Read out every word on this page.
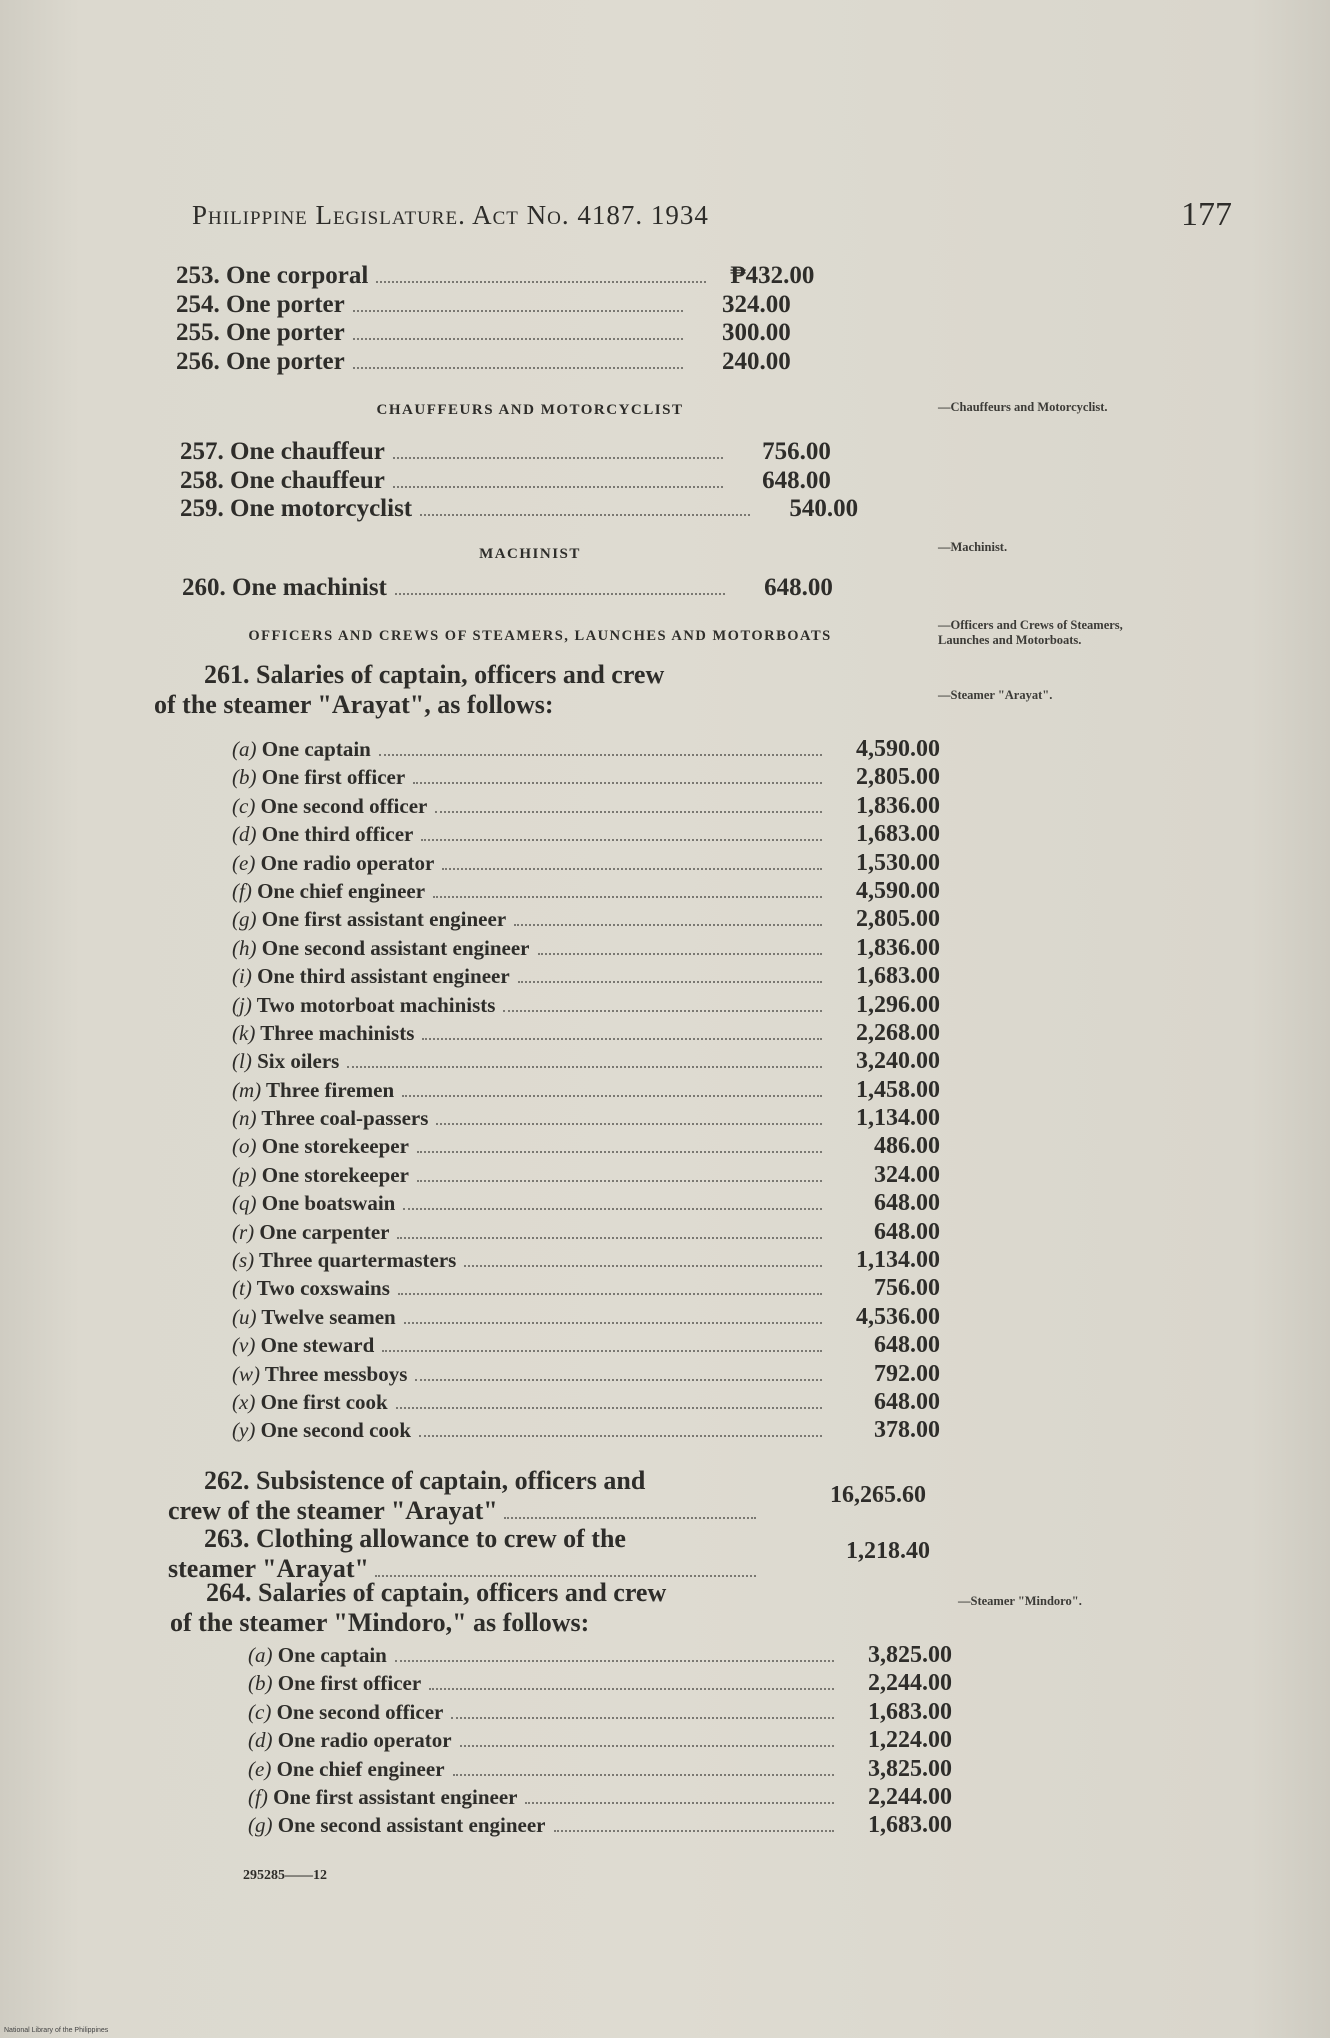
Philippine Legislature. Act No. 4187. 1934	177
253. One corporal	₱432.00
254. One porter	324.00
255. One porter	300.00
256. One porter	240.00
CHAUFFEURS AND MOTORCYCLIST	—Chauffeurs and Motorcyclist.
257. One chauffeur	756.00
258. One chauffeur	648.00
259. One motorcyclist	540.00
MACHINIST	—Machinist.
260. One machinist	648.00
OFFICERS AND CREWS OF STEAMERS, LAUNCHES AND MOTORBOATS
—Officers and Crews of Steamers, Launches and Motorboats.
—Steamer "Arayat".
261. Salaries of captain, officers and crew
of the steamer "Arayat", as follows:
(a) One captain	4,590.00
(b) One first officer	2,805.00
(c) One second officer	1,836.00
(d) One third officer	1,683.00
(e) One radio operator	1,530.00
(f) One chief engineer	4,590.00
(g) One first assistant engineer	2,805.00
(h) One second assistant engineer	1,836.00
(i) One third assistant engineer	1,683.00
(j) Two motorboat machinists	1,296.00
(k) Three machinists	2,268.00
(l) Six oilers	3,240.00
(m) Three firemen	1,458.00
(n) Three coal-passers	1,134.00
(o) One storekeeper	486.00
(p) One storekeeper	324.00
(q) One boatswain	648.00
(r) One carpenter	648.00
(s) Three quartermasters	1,134.00
(t) Two coxswains	756.00
(u) Twelve seamen	4,536.00
(v) One steward	648.00
(w) Three messboys	792.00
(x) One first cook	648.00
(y) One second cook	378.00
262. Subsistence of captain, officers and
crew of the steamer "Arayat"
16,265.60
263. Clothing allowance to crew of the
steamer "Arayat"
1,218.40
264. Salaries of captain, officers and crew
of the steamer "Mindoro," as follows:
—Steamer "Mindoro".
(a) One captain	3,825.00
(b) One first officer	2,244.00
(c) One second officer	1,683.00
(d) One radio operator	1,224.00
(e) One chief engineer	3,825.00
(f) One first assistant engineer	2,244.00
(g) One second assistant engineer	1,683.00
295285——12
National Library of the Philippines
